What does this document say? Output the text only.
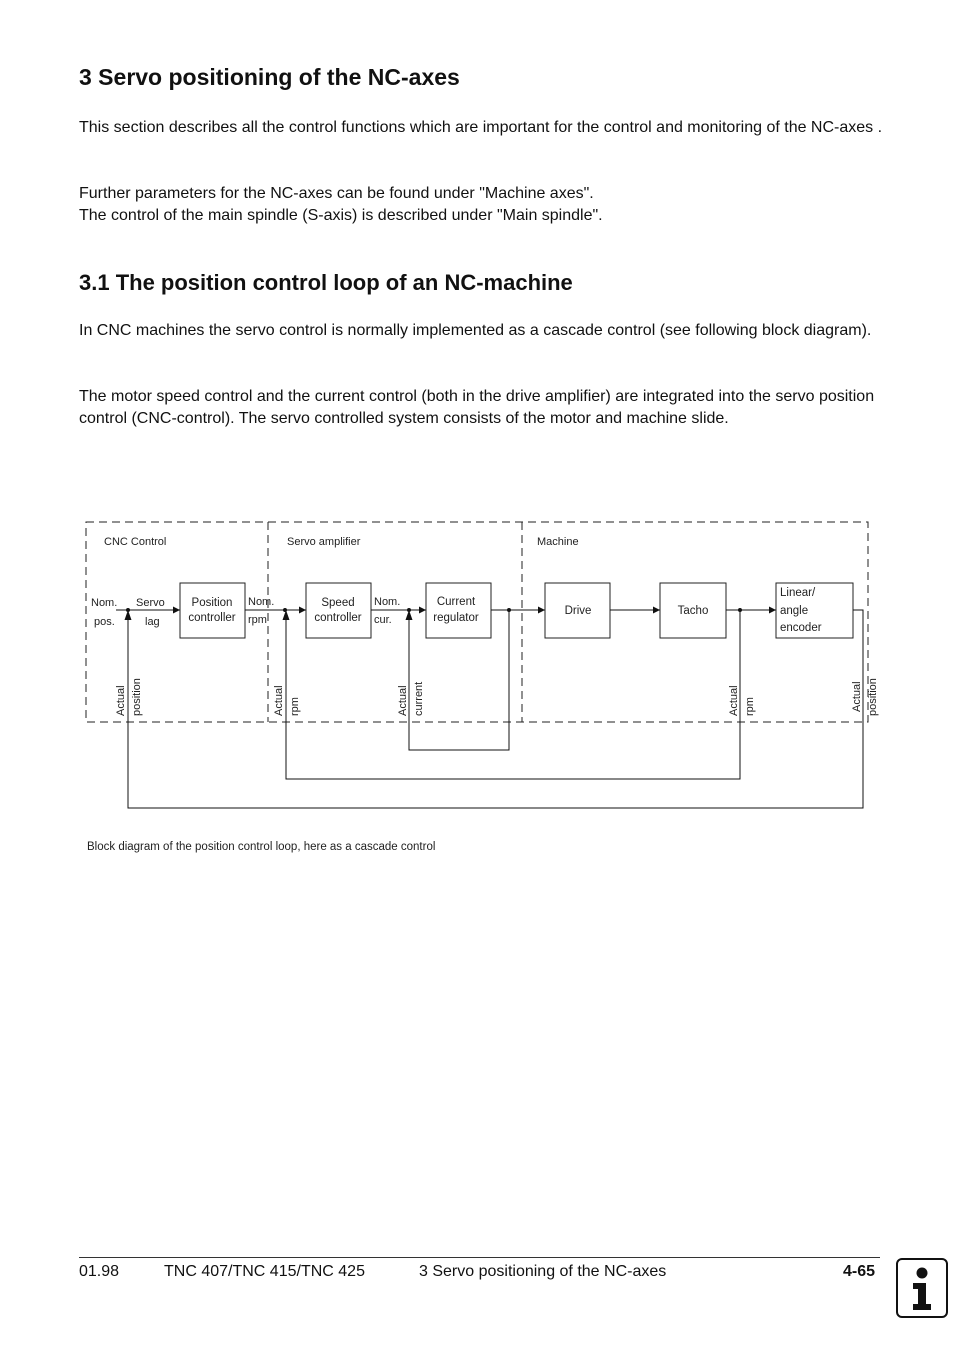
3 Servo positioning of the NC-axes

This section describes all the control functions which are important for the control and monitoring of the NC-axes .

Further parameters for the NC-axes can be found under "Machine axes".
The control of the main spindle (S-axis) is described under "Main spindle".

3.1 The position control loop of an NC-machine

In CNC machines the servo control is normally implemented as a cascade control (see following block diagram).

The motor speed control and the current control (both in the drive amplifier) are integrated into the servo position control (CNC-control). The servo controlled system consists of the motor and machine slide.

CNC Control	Servo amplifier	Machine
Position
controller
Speed
controller
Current
regulator
Drive	Tacho
Linear/
angle
encoder
Nom.
pos.
Servo
lag
Nom.
rpm
Nom.
cur.
Actual position	Actual rpm	Actual current	Actual rpm	Actual position

Block diagram of the position control loop, here as a cascade control

01.98	TNC 407/TNC 415/TNC 425	3 Servo positioning of the NC-axes	4-65
